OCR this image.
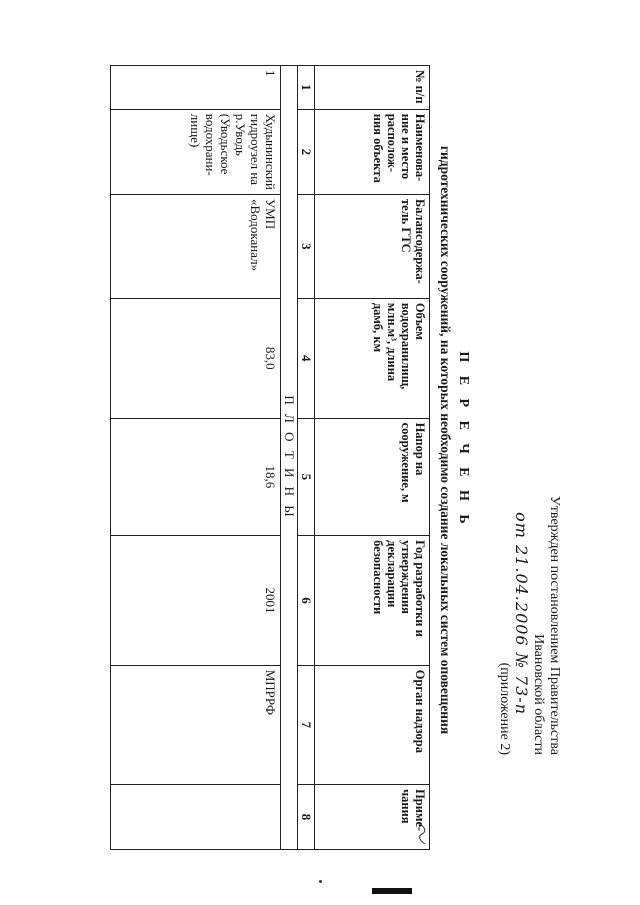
Утвержден постановлением Правительства
Ивановской области
от 21.04.2006 № 73-п
(приложение 2)
П Е Р Е Ч Е Н Ь
гидротехнических сооружений, на которых необходимо создание локальных систем оповещения
№ п/п	Наименова-ние и место располож-ния объекта	Балансодержа-тель ГТС	Объем водохранилищ, млн.м³, длина дамб, км	Напор на сооружение, м	Год разработки и утверждения декларации безопасности	Орган надзора	Приме-чания
1	2	3	4	5	6	7	8
П Л О Т И Н Ы							
1	Худынинский гидроузел на р.Уводь (Уводьское водохрани-лище)	УМП «Водоканал»	83,0	18,6	2001	МПРРФ	
